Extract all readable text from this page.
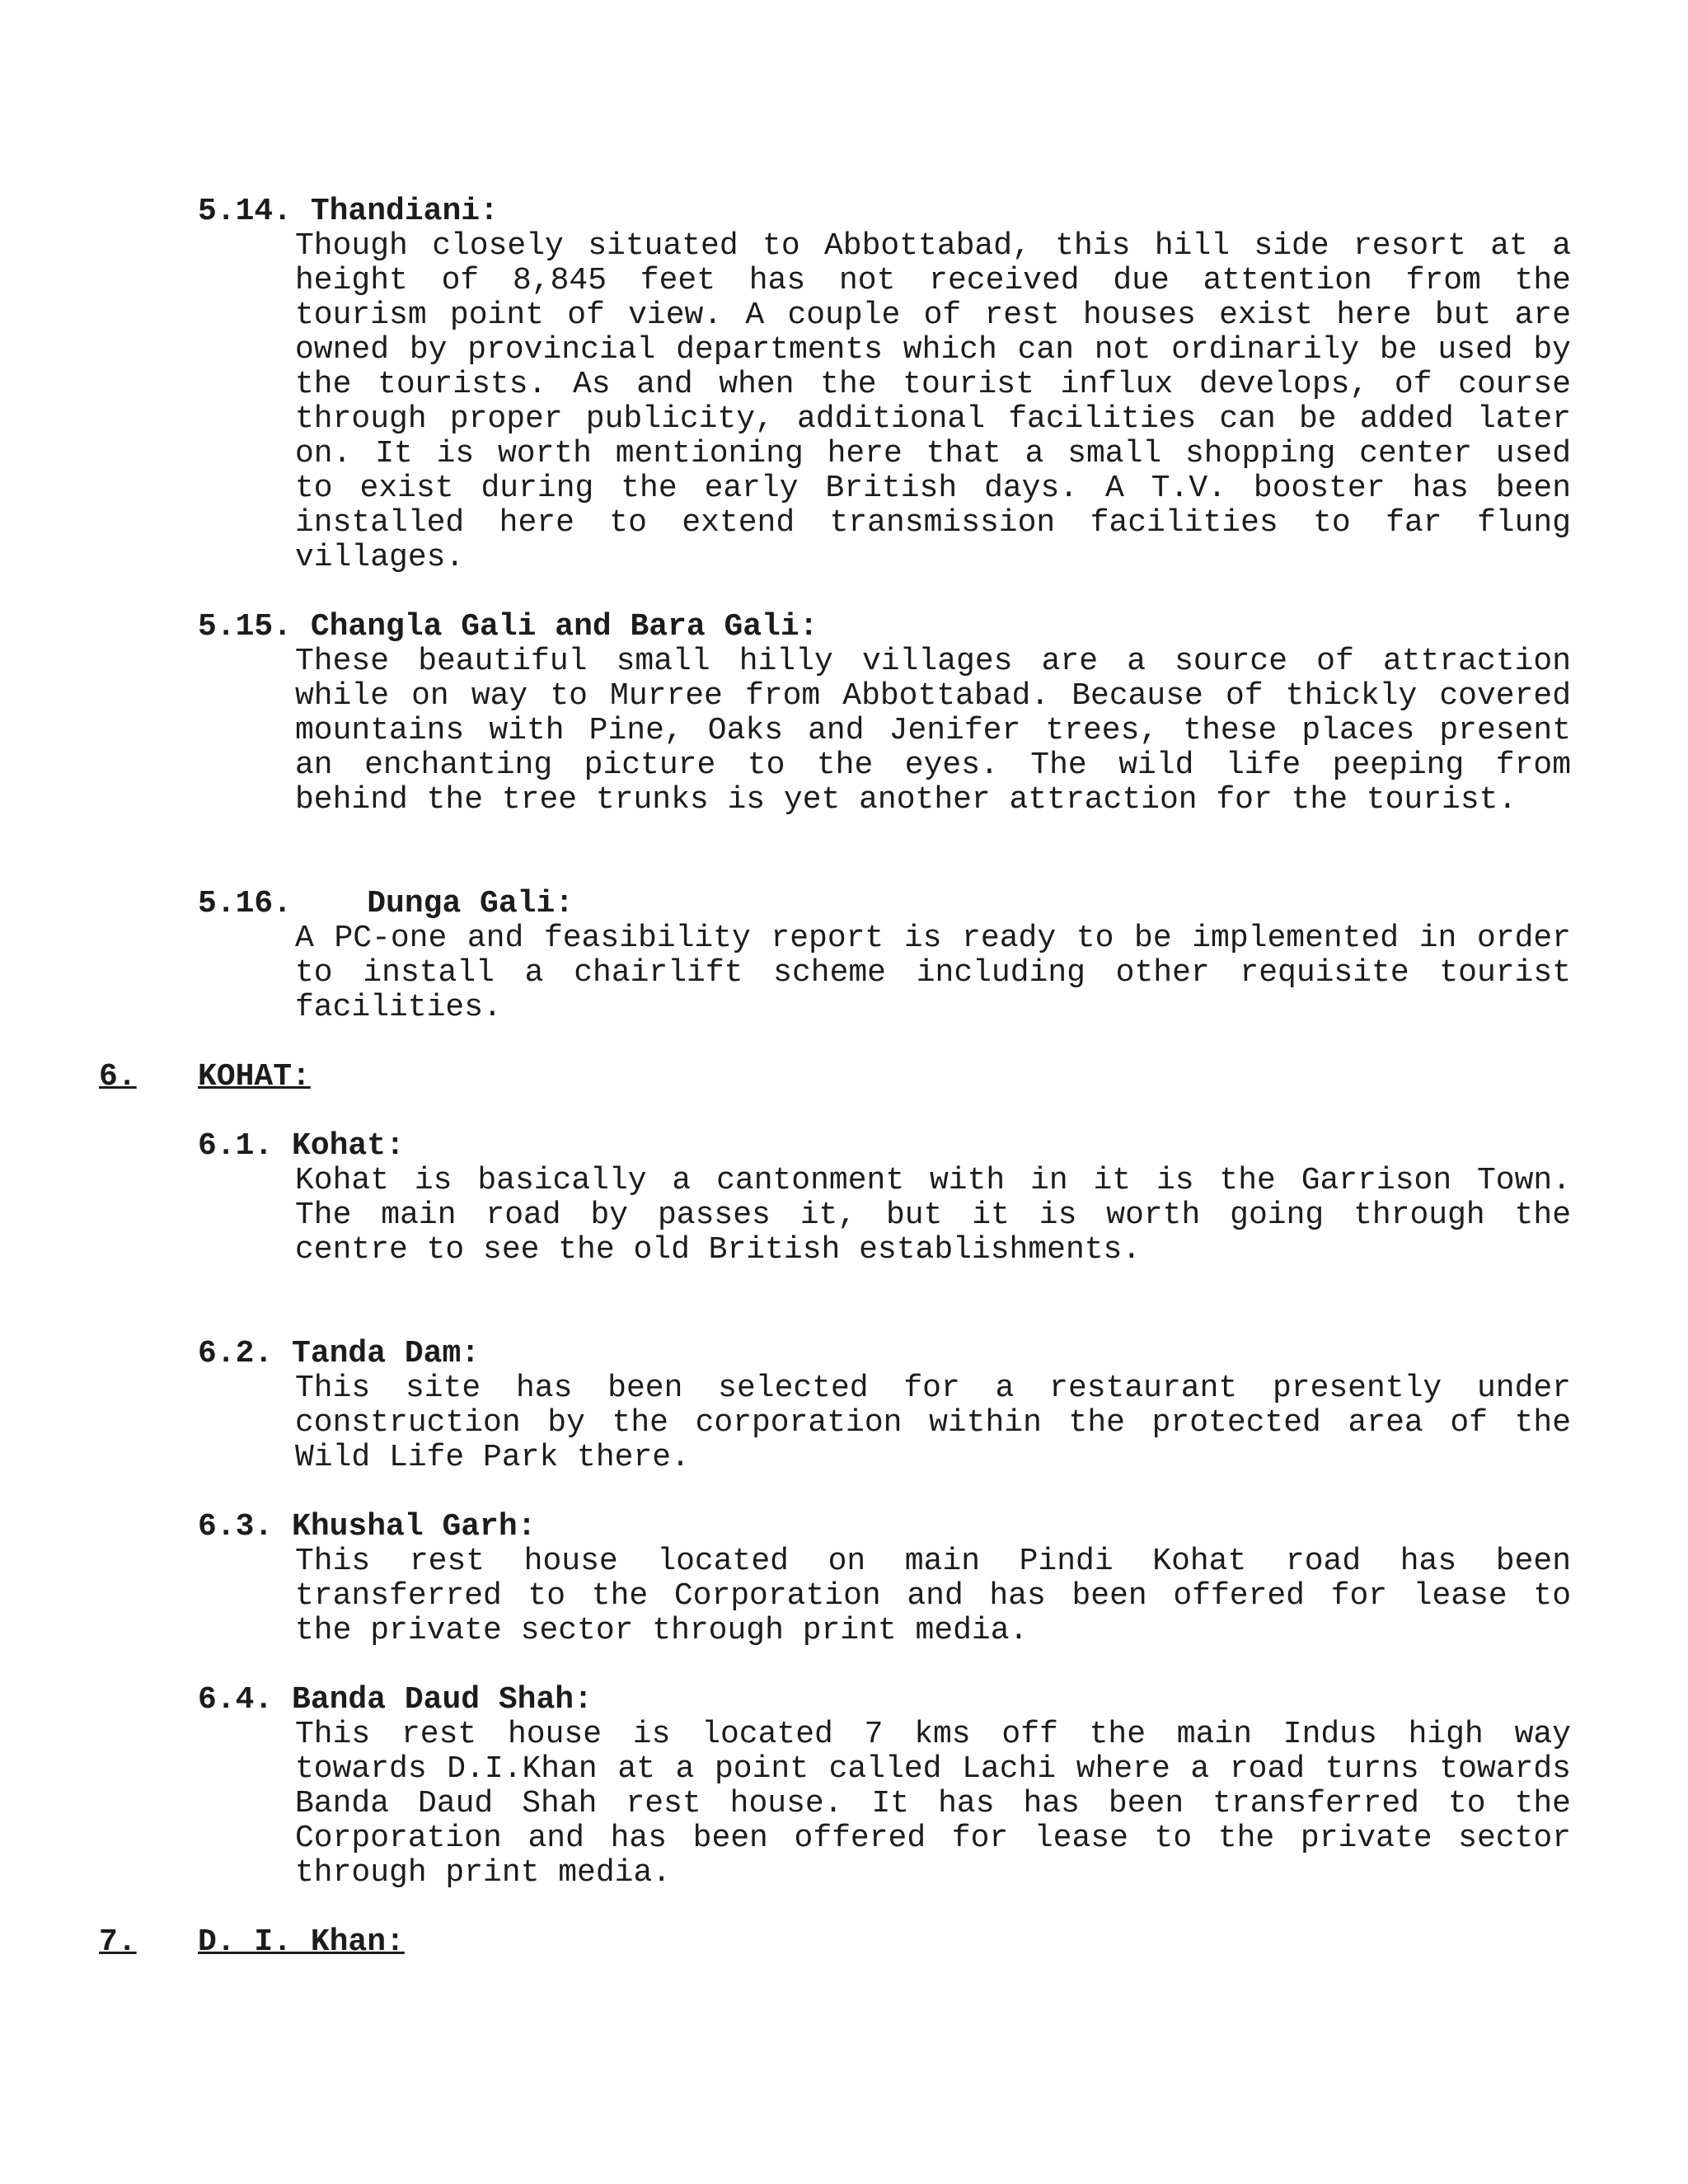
5.14. Thandiani:
Though closely situated to Abbottabad, this hill side resort at a height of 8,845 feet has not received due attention from the tourism point of view. A couple of rest houses exist here but are owned by provincial departments which can not ordinarily be used by the tourists. As and when the tourist influx develops, of course through proper publicity, additional facilities can be added later on. It is worth mentioning here that a small shopping center used to exist during the early British days. A T.V. booster has been installed here to extend transmission facilities to far flung villages.
5.15. Changla Gali and Bara Gali:
These beautiful small hilly villages are a source of attraction while on way to Murree from Abbottabad. Because of thickly covered mountains with Pine, Oaks and Jenifer trees, these places present an enchanting picture to the eyes. The wild life peeping from behind the tree trunks is yet another attraction for the tourist.
5.16.    Dunga Gali:
A PC-one and feasibility report is ready to be implemented in order to install a chairlift scheme including other requisite tourist facilities.
6. KOHAT:
6.1. Kohat:
Kohat is basically a cantonment with in it is the Garrison Town. The main road by passes it, but it is worth going through the centre to see the old British establishments.
6.2. Tanda Dam:
This site has been selected for a restaurant presently under construction by the corporation within the protected area of the Wild Life Park there.
6.3. Khushal Garh:
This rest house located on main Pindi Kohat road has been transferred to the Corporation and has been offered for lease to the private sector through print media.
6.4. Banda Daud Shah:
This rest house is located 7 kms off the main Indus high way towards D.I.Khan at a point called Lachi where a road turns towards Banda Daud Shah rest house. It has has been transferred to the Corporation and has been offered for lease to the private sector through print media.
7. D. I. Khan:
